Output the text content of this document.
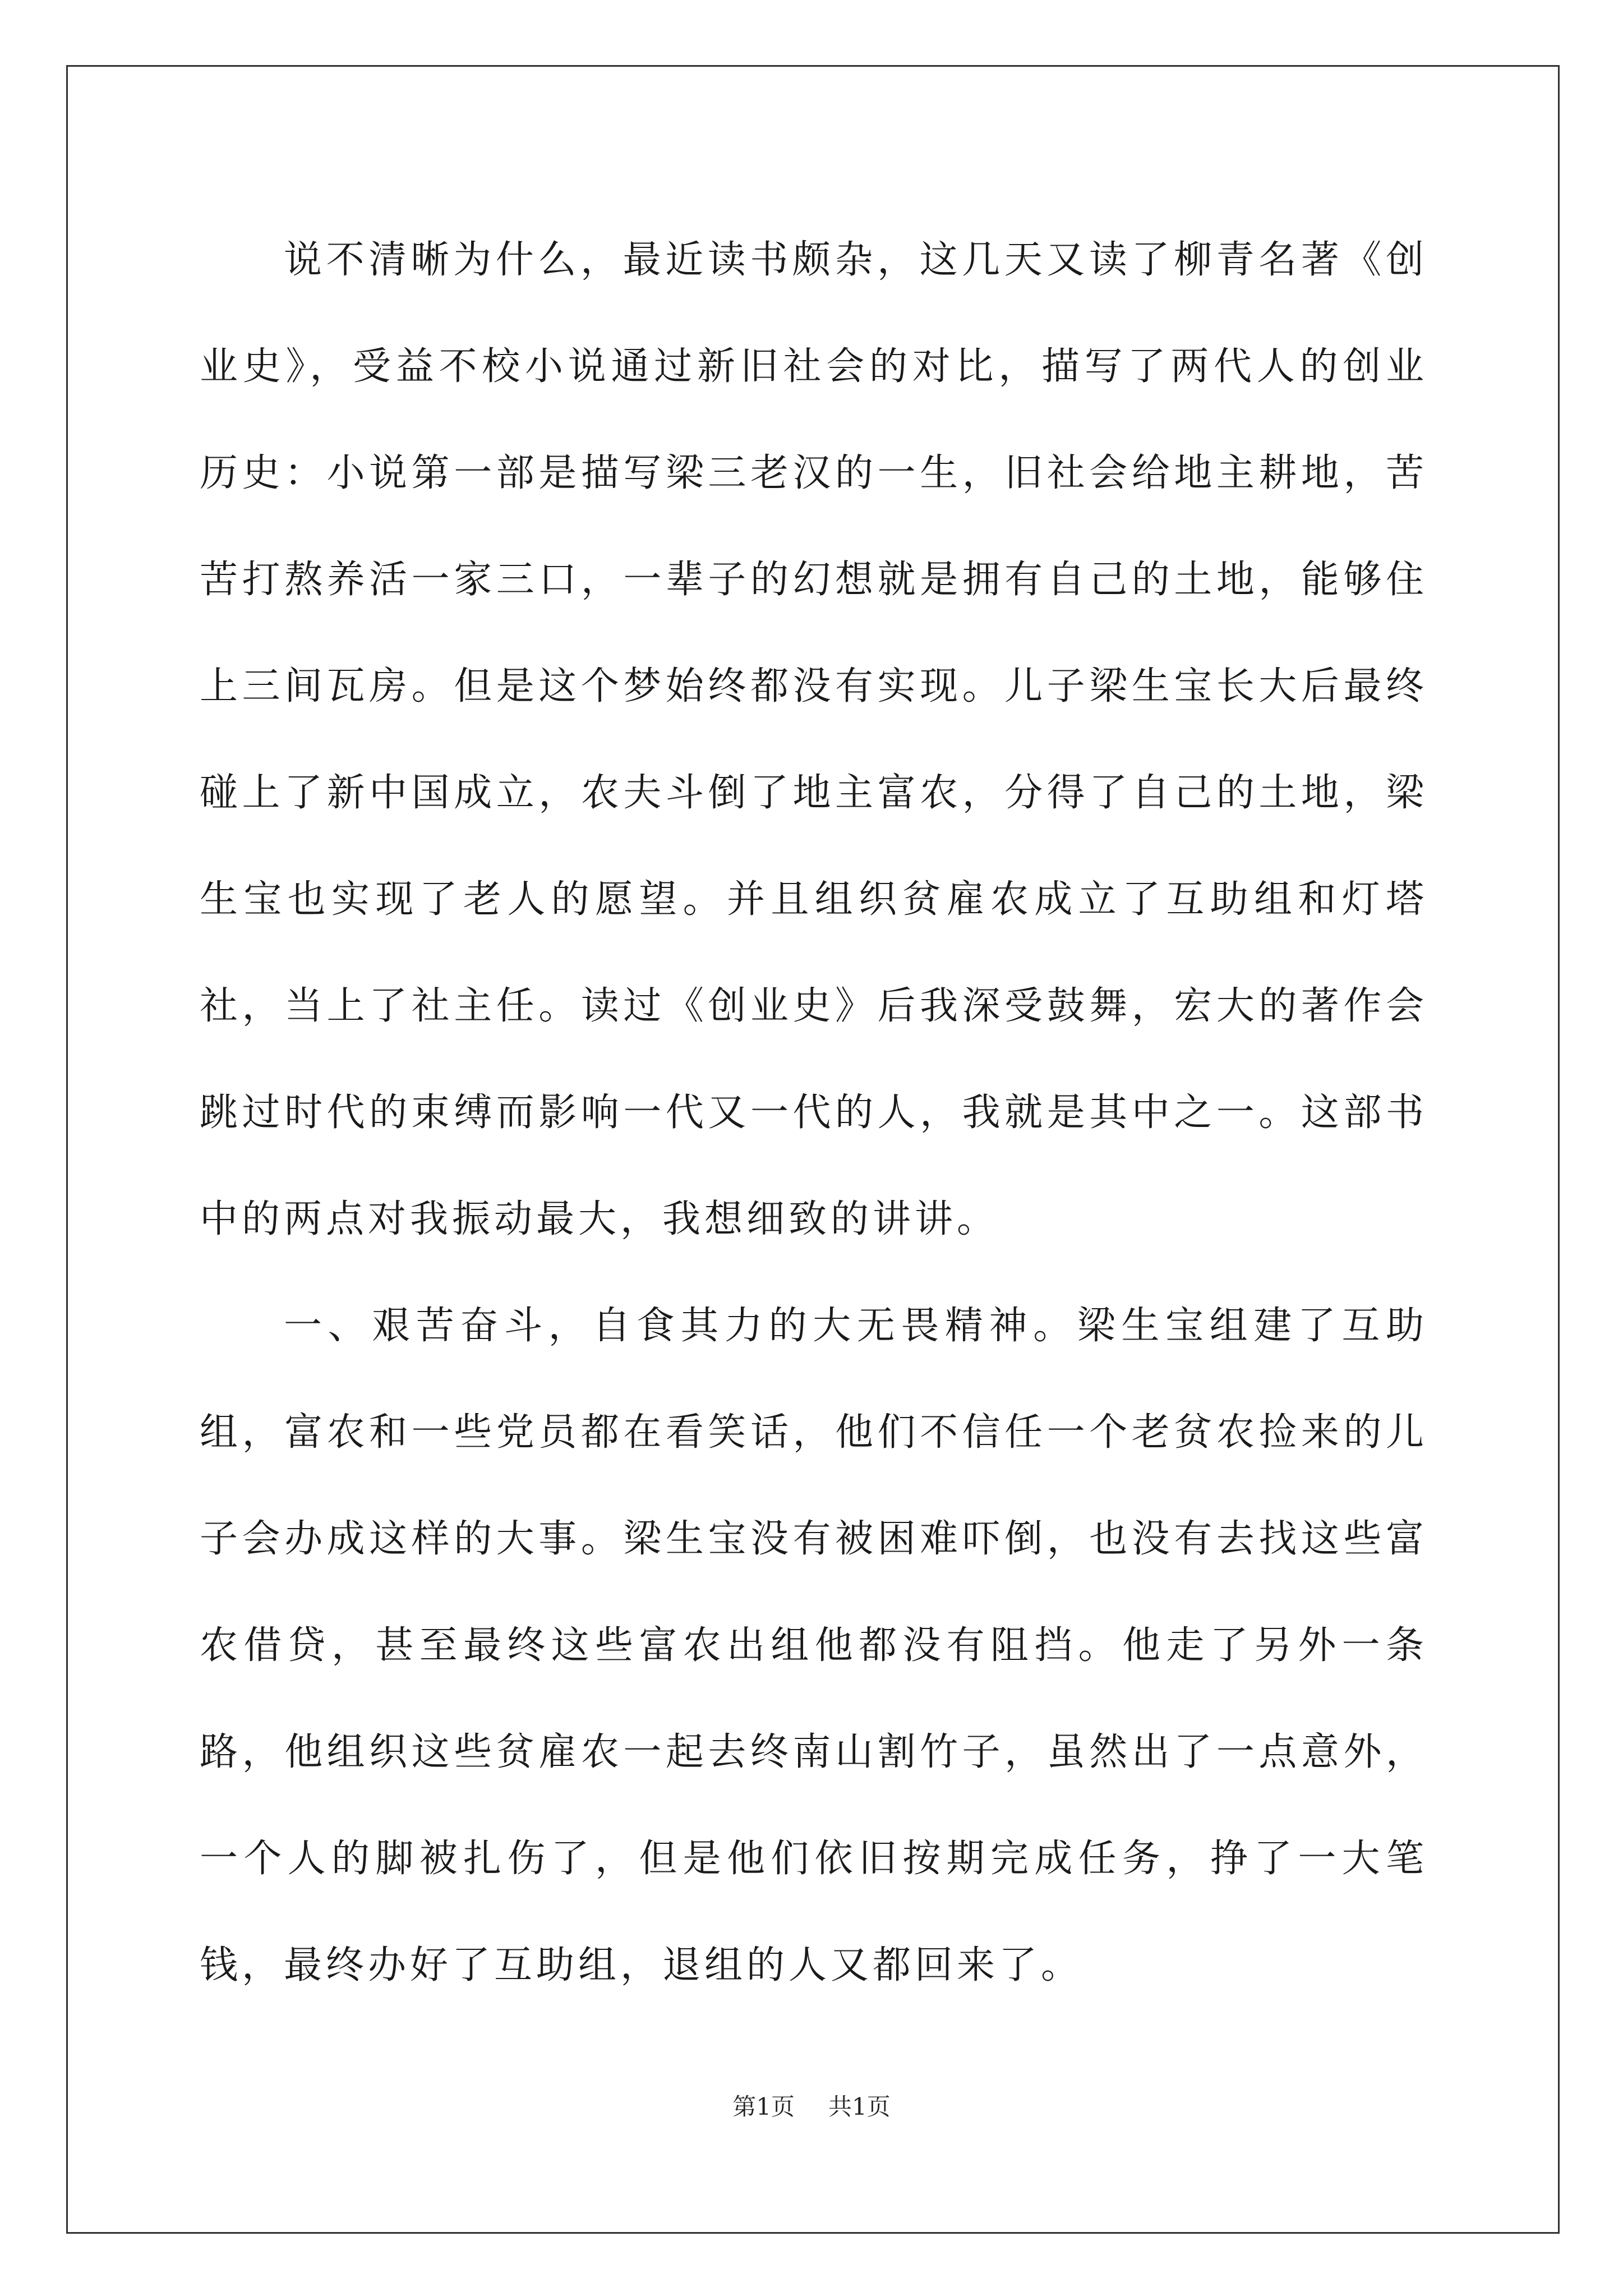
说不清晰为什么，最近读书颇杂，这几天又读了柳青名著《创业史》，受益不校小说通过新旧社会的对比，描写了两代人的创业历史：小说第一部是描写梁三老汉的一生，旧社会给地主耕地，苦苦打熬养活一家三口，一辈子的幻想就是拥有自己的土地，能够住上三间瓦房。但是这个梦始终都没有实现。儿子梁生宝长大后最终碰上了新中国成立，农夫斗倒了地主富农，分得了自己的土地，梁生宝也实现了老人的愿望。并且组织贫雇农成立了互助组和灯塔社，当上了社主任。读过《创业史》后我深受鼓舞，宏大的著作会跳过时代的束缚而影响一代又一代的人，我就是其中之一。这部书中的两点对我振动最大，我想细致的讲讲。

一、艰苦奋斗，自食其力的大无畏精神。梁生宝组建了互助组，富农和一些党员都在看笑话，他们不信任一个老贫农捡来的儿子会办成这样的大事。梁生宝没有被困难吓倒，也没有去找这些富农借贷，甚至最终这些富农出组他都没有阻挡。他走了另外一条路，他组织这些贫雇农一起去终南山割竹子，虽然出了一点意外，一个人的脚被扎伤了，但是他们依旧按期完成任务，挣了一大笔钱，最终办好了互助组，退组的人又都回来了。

第1页 共1页
